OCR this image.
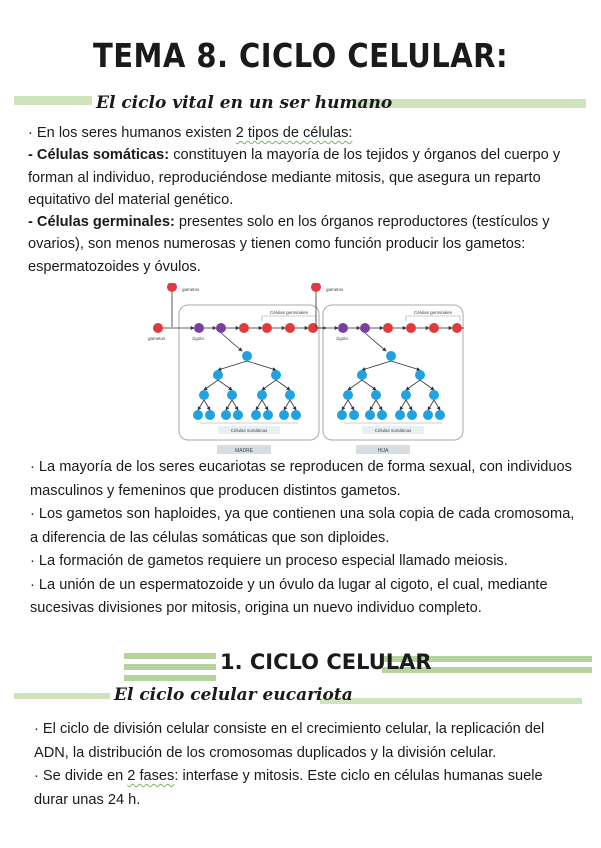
TEMA 8. CICLO CELULAR:
El ciclo vital en un ser humano

· En los seres humanos existen 2 tipos de células:

- Células somáticas: constituyen la mayoría de los tejidos y órganos del cuerpo y forman al individuo, reproduciéndose mediante mitosis, que asegura un reparto equitativo del material genético.

- Células germinales: presentes solo en los órganos reproductores (testículos y ovarios), son menos numerosas y tienen como función producir los gametos: espermatozoides y óvulos.

Células germinales
gametos
zigoto
gametos
Células somáticas
Células germinales
gametos
zigoto
Células somáticas
MADRE	HIJA

· La mayoría de los seres eucariotas se reproducen de forma sexual, con individuos masculinos y femeninos que producen distintos gametos.

· Los gametos son haploides, ya que contienen una sola copia de cada cromosoma, a diferencia de las células somáticas que son diploides.

· La formación de gametos requiere un proceso especial llamado meiosis.

· La unión de un espermatozoide y un óvulo da lugar al cigoto, el cual, mediante sucesivas divisiones por mitosis, origina un nuevo individuo completo.

1. CICLO CELULAR
El ciclo celular eucariota

· El ciclo de división celular consiste en el crecimiento celular, la replicación del ADN, la distribución de los cromosomas duplicados y la división celular.

· Se divide en 2 fases: interfase y mitosis. Este ciclo en células humanas suele durar unas 24 h.
